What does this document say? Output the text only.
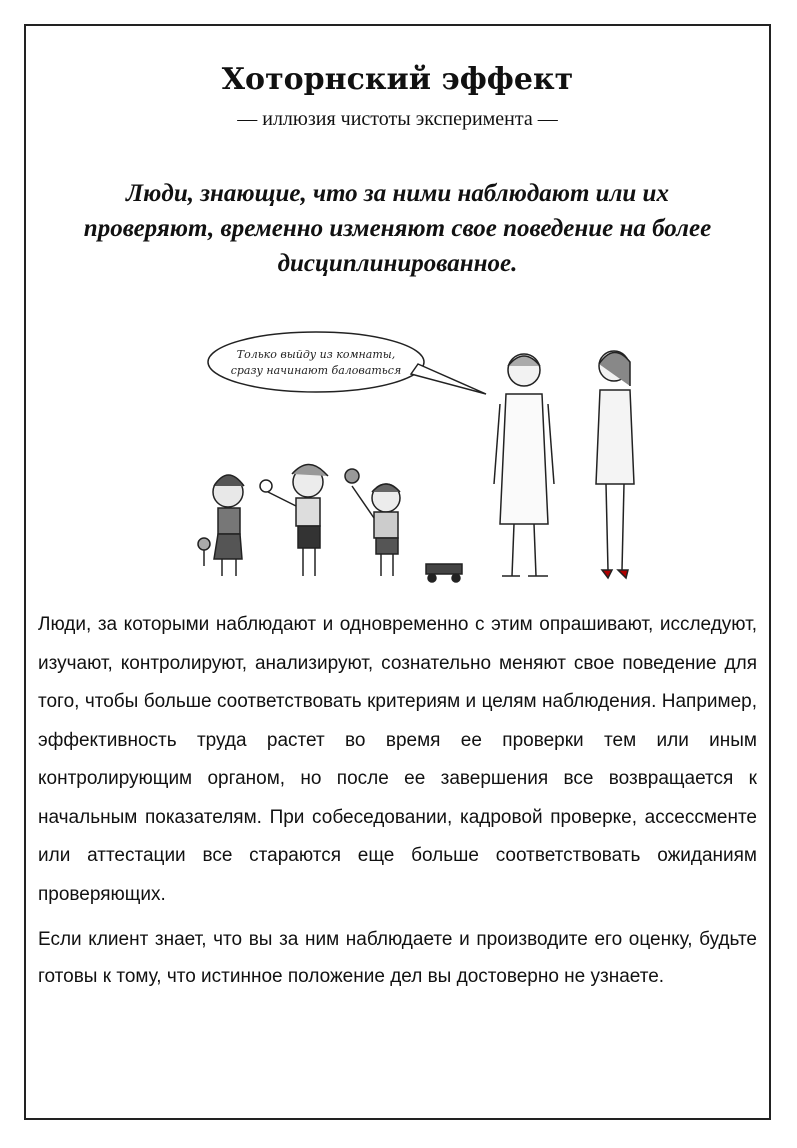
Хоторнский эффект
— иллюзия чистоты эксперимента —
Люди, знающие, что за ними наблюдают или их проверяют, временно изменяют свое поведение на более дисциплинированное.
Только выйду из комнаты,
сразу начинают баловаться

Люди, за которыми наблюдают и одновременно с этим опрашивают, исследуют, изучают, контролируют, анализируют, сознательно меняют свое поведение для того, чтобы больше соответствовать критериям и целям наблюдения. Например, эффективность труда растет во время ее проверки тем или иным контролирующим органом, но после ее завершения все возвращается к начальным показателям. При собеседовании, кадровой проверке, ассессменте или аттестации все стараются еще больше соответствовать ожиданиям проверяющих.

Если клиент знает, что вы за ним наблюдаете и производите его оценку, будьте готовы к тому, что истинное положение дел вы достоверно не узнаете.
